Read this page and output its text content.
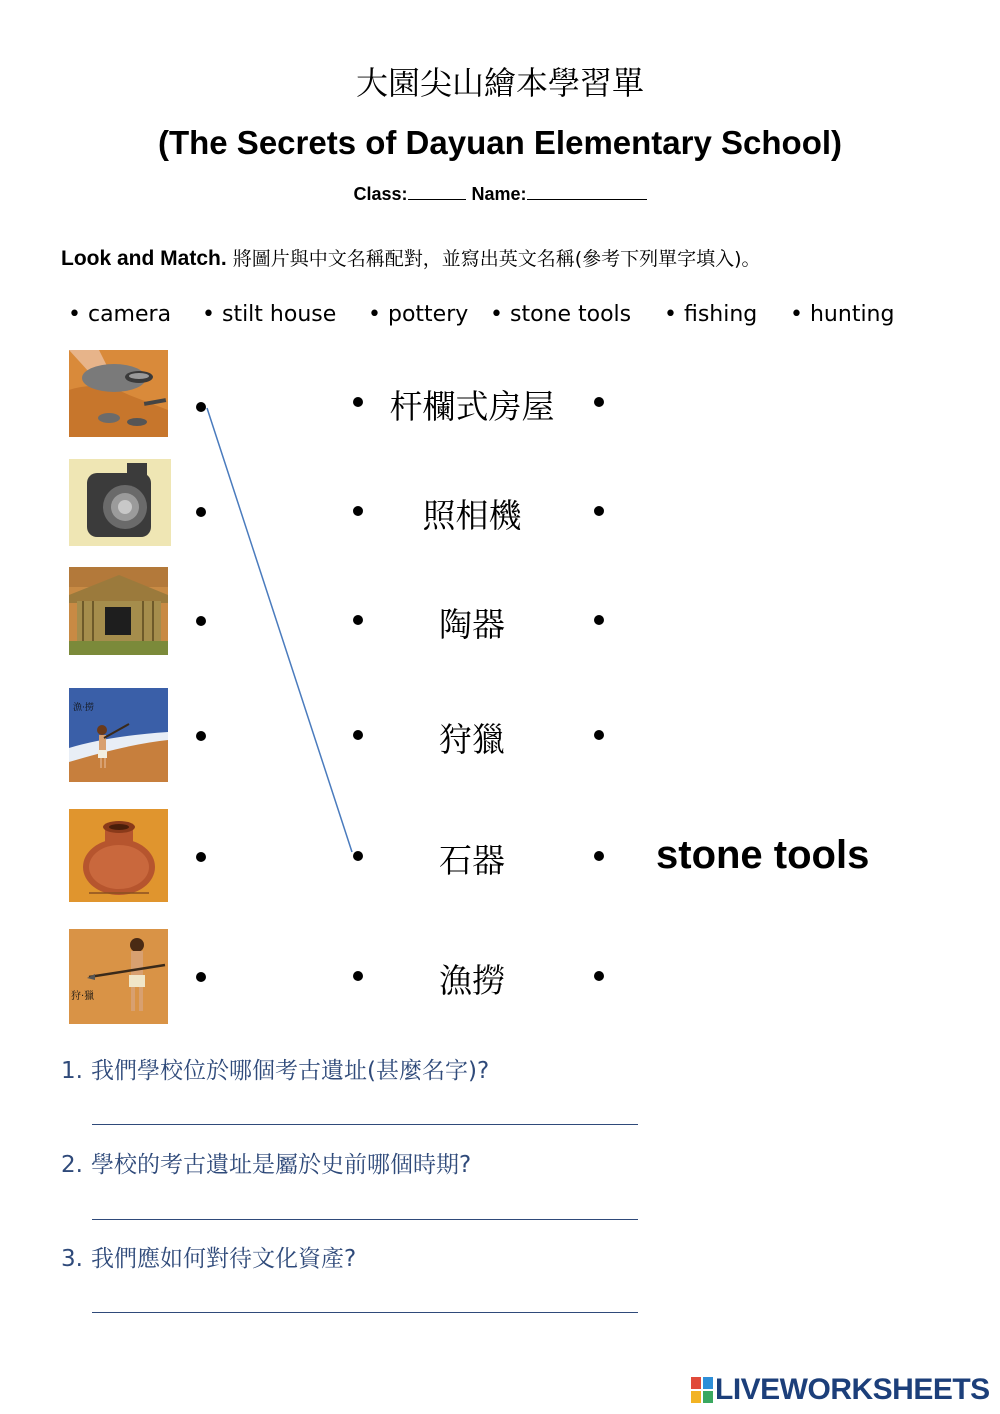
大園尖山繪本學習單
(The Secrets of Dayuan Elementary School)
Class:	Name:
Look and Match. 將圖片與中文名稱配對，並寫出英文名稱(參考下列單字填入)。
• camera • stilt house • pottery • stone tools • fishing • hunting
漁·撈
狩·獵
杆欄式房屋
照相機
陶器
狩獵
石器
漁撈
stone tools
1. 我們學校位於哪個考古遺址(甚麼名字)?
2. 學校的考古遺址是屬於史前哪個時期?
3. 我們應如何對待文化資產?
LIVEWORKSHEETS
